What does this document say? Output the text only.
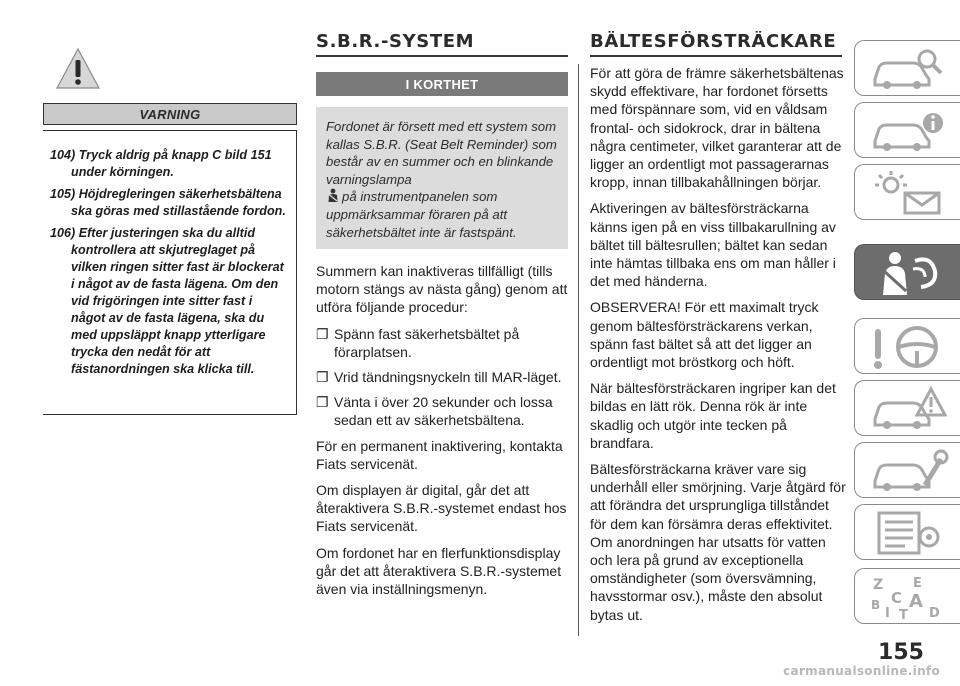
VARNING

104) Tryck aldrig på knapp C bild 151 under körningen.

105) Höjdregleringen säkerhetsbältena ska göras med stillastående fordon.

106) Efter justeringen ska du alltid kontrollera att skjutreglaget på vilken ringen sitter fast är blockerat i något av de fasta lägena. Om den vid frigöringen inte sitter fast i något av de fasta lägena, ska du med uppsläppt knapp ytterligare trycka den nedåt för att fästanordningen ska klicka till.

S.B.R.-SYSTEM
I KORTHET
Fordonet är försett med ett system som kallas S.B.R. (Seat Belt Reminder) som består av en summer och en blinkande varningslampa
på instrumentpanelen som uppmärksammar föraren på att säkerhetsbältet inte är fastspänt.

Summern kan inaktiveras tillfälligt (tills motorn stängs av nästa gång) genom att utföra följande procedur:

❐ Spänn fast säkerhetsbältet på förarplatsen.

❐ Vrid tändningsnyckeln till MAR-läget.

❐ Vänta i över 20 sekunder och lossa sedan ett av säkerhetsbältena.

För en permanent inaktivering, kontakta Fiats servicenät.

Om displayen är digital, går det att återaktivera S.B.R.-systemet endast hos Fiats servicenät.

Om fordonet har en flerfunktionsdisplay går det att återaktivera S.B.R.-systemet även via inställningsmenyn.

BÄLTESFÖRSTRÄCKARE

För att göra de främre säkerhetsbältenas skydd effektivare, har fordonet försetts med förspännare som, vid en våldsam frontal- och sidokrock, drar in bältena några centimeter, vilket garanterar att de ligger an ordentligt mot passagerarnas kropp, innan tillbakahållningen börjar.

Aktiveringen av bältesförsträckarna känns igen på en viss tillbakarullning av bältet till bältesrullen; bältet kan sedan inte hämtas tillbaka ens om man håller i det med händerna.

OBSERVERA! För ett maximalt tryck genom bältesförsträckarens verkan, spänn fast bältet så att det ligger an ordentligt mot bröstkorg och höft.

När bältesförsträckaren ingriper kan det bildas en lätt rök. Denna rök är inte skadlig och utgör inte tecken på brandfara.

Bältesförsträckarna kräver vare sig underhåll eller smörjning. Varje åtgärd för att förändra det ursprungliga tillståndet för dem kan försämra deras effektivitet. Om anordningen har utsatts för vatten och lera på grund av exceptionella omständigheter (som översvämning, havsstormar osv.), måste den absolut bytas ut.

Z E
B A
I
C
T D
155
carmanualsonline.info
